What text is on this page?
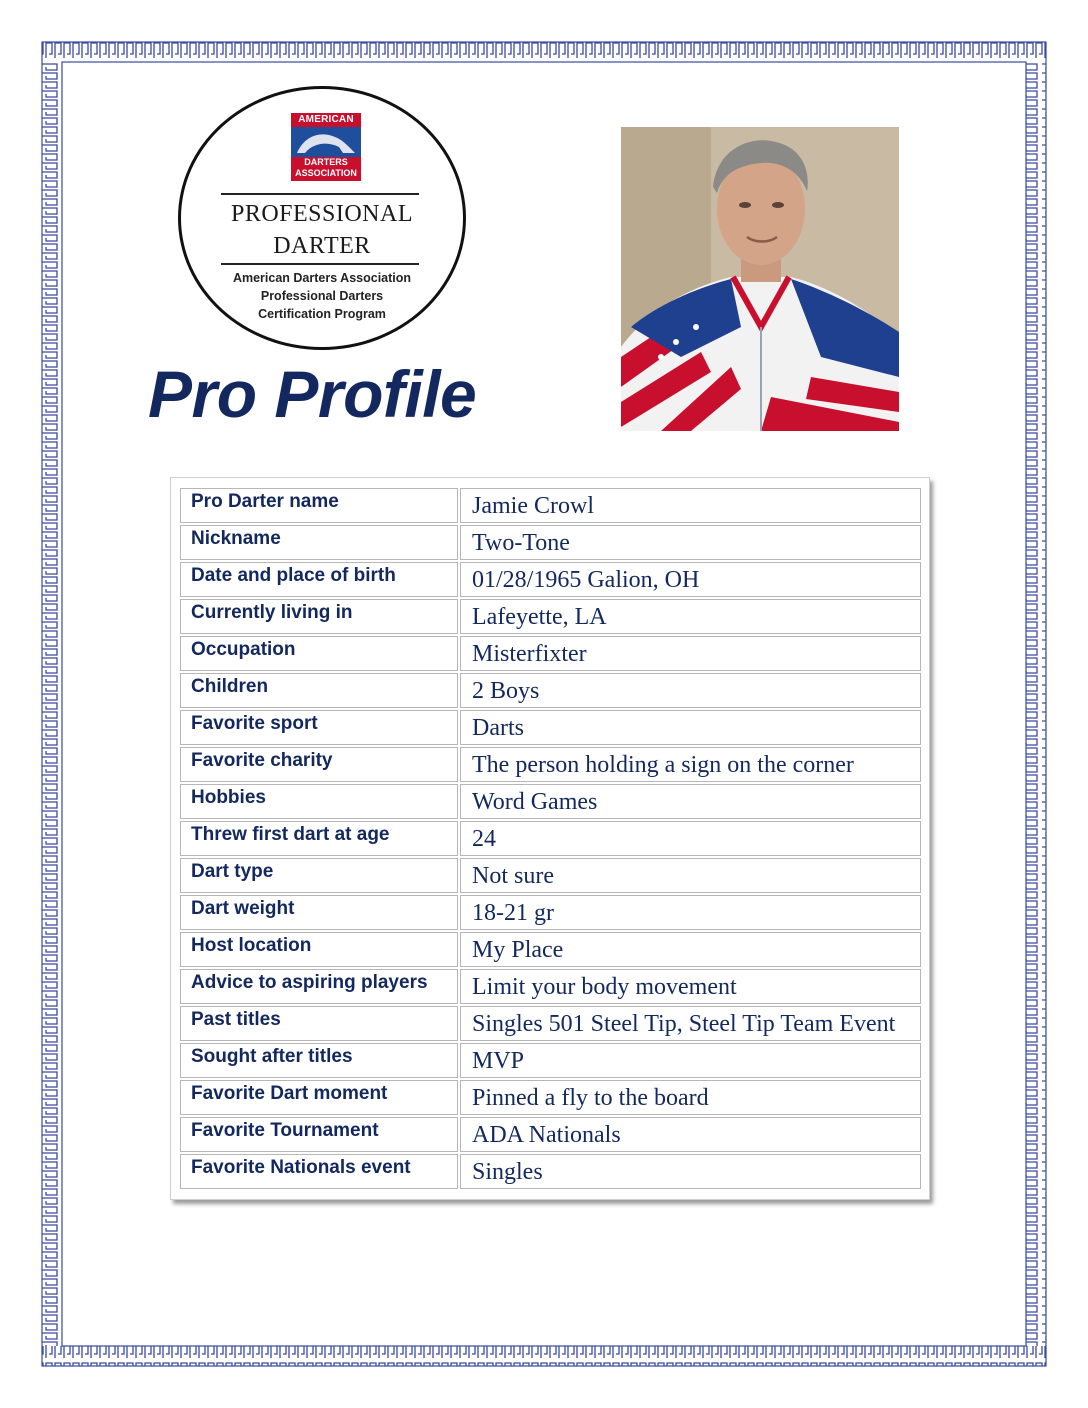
AMERICAN
DARTERS
ASSOCIATION
PROFESSIONAL
DARTER
American Darters Association
Professional Darters
Certification Program
Pro Profile
Pro Darter name	Jamie Crowl
Nickname	Two-Tone
Date and place of birth	01/28/1965 Galion, OH
Currently living in	Lafeyette, LA
Occupation	Misterfixter
Children	2 Boys
Favorite sport	Darts
Favorite charity	The person holding a sign on the corner
Hobbies	Word Games
Threw first dart at age	24
Dart type	Not sure
Dart weight	18-21 gr
Host location	My Place
Advice to aspiring players	Limit your body movement
Past titles	Singles 501 Steel Tip, Steel Tip Team Event
Sought after titles	MVP
Favorite Dart moment	Pinned a fly to the board
Favorite Tournament	ADA Nationals
Favorite Nationals event	Singles
